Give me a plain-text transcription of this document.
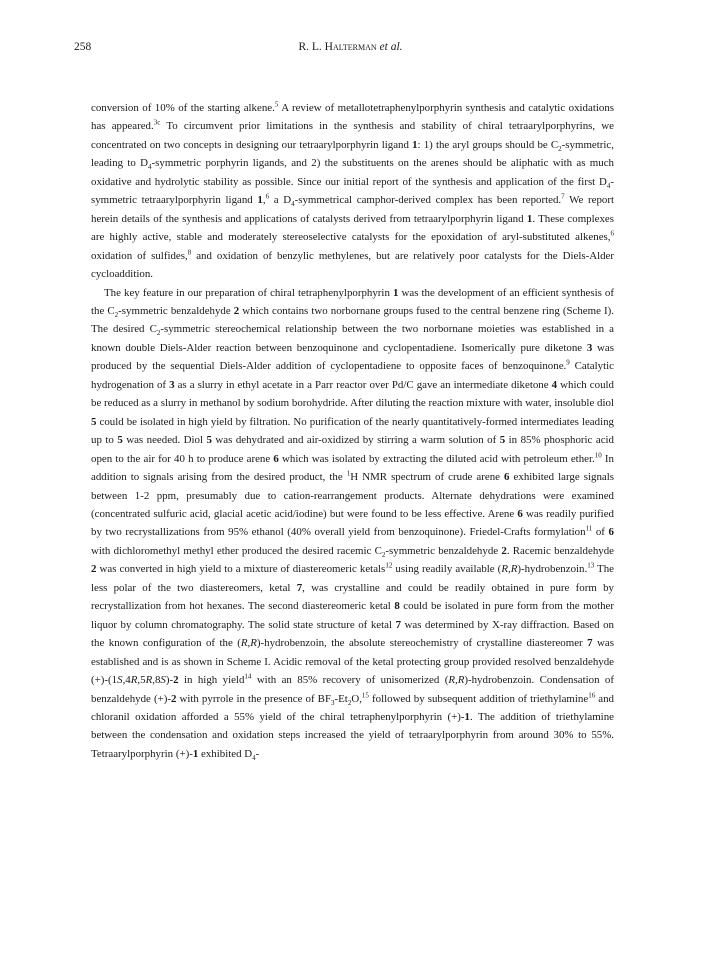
258	R. L. Halterman et al.

conversion of 10% of the starting alkene.$^5$ A review of metallotetraphenylporphyrin synthesis and catalytic oxidations has appeared.$^{3c}$ To circumvent prior limitations in the synthesis and stability of chiral tetraarylporphyrins, we concentrated on two concepts in designing our tetraarylporphyrin ligand 1: 1) the aryl groups should be $C_2$-symmetric, leading to $D_4$-symmetric porphyrin ligands, and 2) the substituents on the arenes should be aliphatic with as much oxidative and hydrolytic stability as possible. Since our initial report of the synthesis and application of the first $D_4$-symmetric tetraarylporphyrin ligand 1,$^6$ a $D_4$-symmetrical camphor-derived complex has been reported.$^7$ We report herein details of the synthesis and applications of catalysts derived from tetraarylporphyrin ligand 1. These complexes are highly active, stable and moderately stereoselective catalysts for the epoxidation of aryl-substituted alkenes,$^6$ oxidation of sulfides,$^8$ and oxidation of benzylic methylenes, but are relatively poor catalysts for the Diels-Alder cycloaddition.

The key feature in our preparation of chiral tetraphenylporphyrin 1 was the development of an efficient synthesis of the $C_2$-symmetric benzaldehyde 2 which contains two norbornane groups fused to the central benzene ring (Scheme I). The desired $C_2$-symmetric stereochemical relationship between the two norbornane moieties was established in a known double Diels-Alder reaction between benzoquinone and cyclopentadiene. Isomerically pure diketone 3 was produced by the sequential Diels-Alder addition of cyclopentadiene to opposite faces of benzoquinone.$^9$ Catalytic hydrogenation of 3 as a slurry in ethyl acetate in a Parr reactor over Pd/C gave an intermediate diketone 4 which could be reduced as a slurry in methanol by sodium borohydride. After diluting the reaction mixture with water, insoluble diol 5 could be isolated in high yield by filtration. No purification of the nearly quantitatively-formed intermediates leading up to 5 was needed. Diol 5 was dehydrated and air-oxidized by stirring a warm solution of 5 in 85% phosphoric acid open to the air for 40 h to produce arene 6 which was isolated by extracting the diluted acid with petroleum ether.$^{10}$ In addition to signals arising from the desired product, the $^1$H NMR spectrum of crude arene 6 exhibited large signals between 1-2 ppm, presumably due to cation-rearrangement products. Alternate dehydrations were examined (concentrated sulfuric acid, glacial acetic acid/iodine) but were found to be less effective. Arene 6 was readily purified by two recrystallizations from 95% ethanol (40% overall yield from benzoquinone). Friedel-Crafts formylation$^{11}$ of 6 with dichloromethyl methyl ether produced the desired racemic $C_2$-symmetric benzaldehyde 2. Racemic benzaldehyde 2 was converted in high yield to a mixture of diastereomeric ketals$^{12}$ using readily available (R,R)-hydrobenzoin.$^{13}$ The less polar of the two diastereomers, ketal 7, was crystalline and could be readily obtained in pure form by recrystallization from hot hexanes. The second diastereomeric ketal 8 could be isolated in pure form from the mother liquor by column chromatography. The solid state structure of ketal 7 was determined by X-ray diffraction. Based on the known configuration of the (R,R)-hydrobenzoin, the absolute stereochemistry of crystalline diastereomer 7 was established and is as shown in Scheme I. Acidic removal of the ketal protecting group provided resolved benzaldehyde (+)-(1S,4R,5R,8S)-2 in high yield$^{14}$ with an 85% recovery of unisomerized (R,R)-hydrobenzoin. Condensation of benzaldehyde (+)-2 with pyrrole in the presence of $BF_3-Et_2O,^{15}$ followed by subsequent addition of triethylamine$^{16}$ and chloranil oxidation afforded a 55% yield of the chiral tetraphenylporphyrin (+)-1. The addition of triethylamine between the condensation and oxidation steps increased the yield of tetraarylporphyrin from around 30% to 55%. Tetraarylporphyrin (+)-1 exhibited $D_4-$
